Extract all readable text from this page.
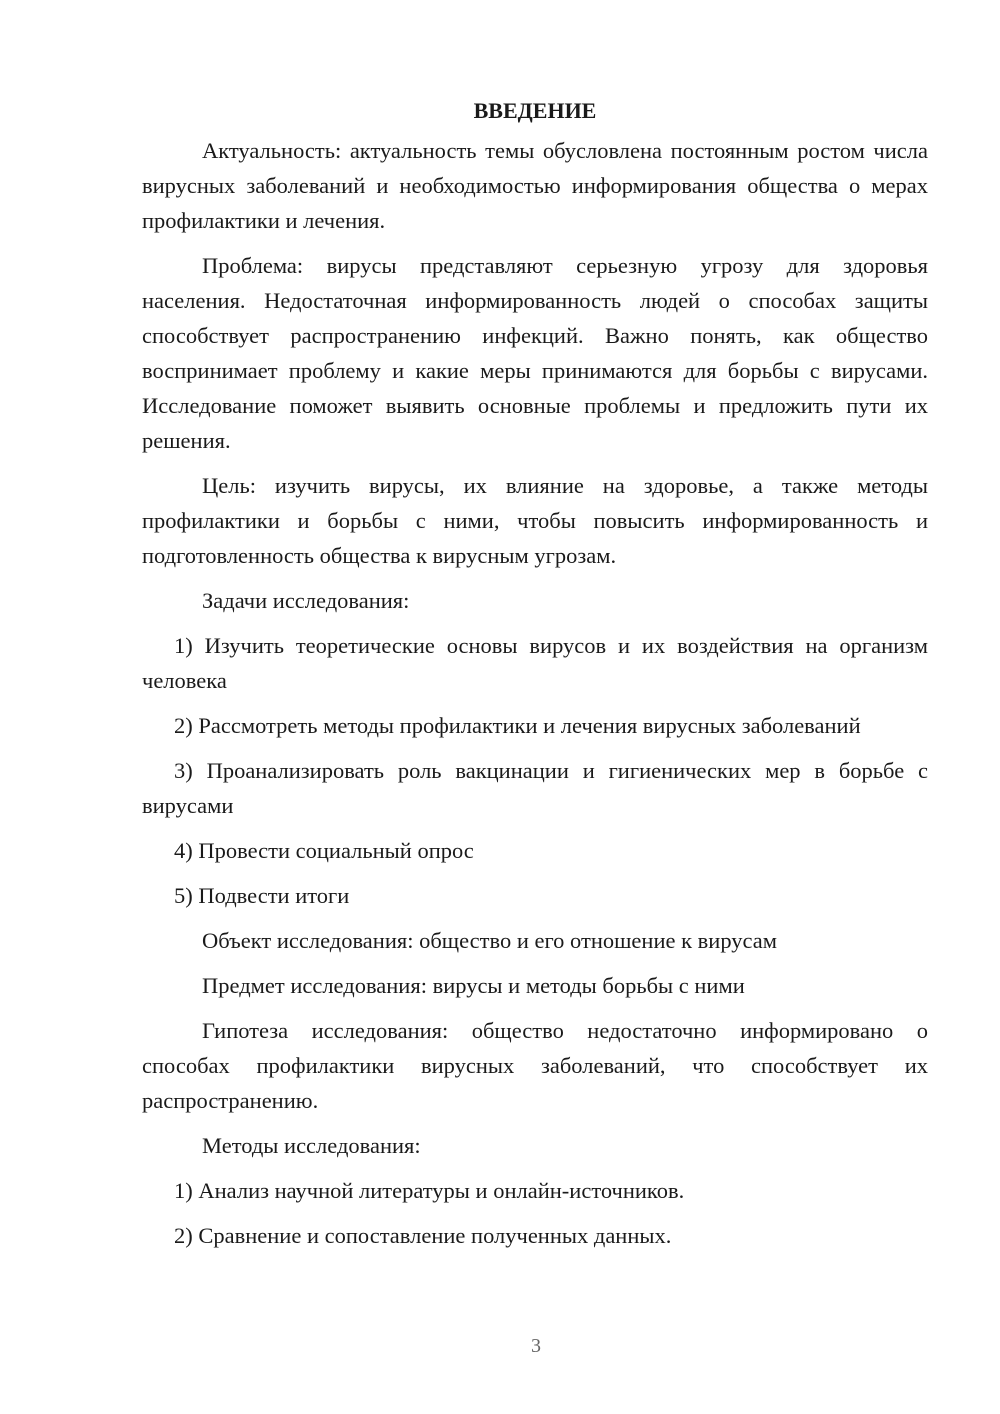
ВВЕДЕНИЕ

Актуальность: актуальность темы обусловлена постоянным ростом числа вирусных заболеваний и необходимостью информирования общества о мерах профилактики и лечения.

Проблема: вирусы представляют серьезную угрозу для здоровья населения. Недостаточная информированность людей о способах защиты способствует распространению инфекций. Важно понять, как общество воспринимает проблему и какие меры принимаются для борьбы с вирусами. Исследование поможет выявить основные проблемы и предложить пути их решения.

Цель: изучить вирусы, их влияние на здоровье, а также методы профилактики и борьбы с ними, чтобы повысить информированность и подготовленность общества к вирусным угрозам.

Задачи исследования:

1) Изучить теоретические основы вирусов и их воздействия на организм человека

2) Рассмотреть методы профилактики и лечения вирусных заболеваний

3) Проанализировать роль вакцинации и гигиенических мер в борьбе с вирусами

4) Провести социальный опрос

5) Подвести итоги

Объект исследования: общество и его отношение к вирусам

Предмет исследования: вирусы и методы борьбы с ними

Гипотеза исследования: общество недостаточно информировано о способах профилактики вирусных заболеваний, что способствует их распространению.

Методы исследования:

1) Анализ научной литературы и онлайн-источников.

2) Сравнение и сопоставление полученных данных.

3
